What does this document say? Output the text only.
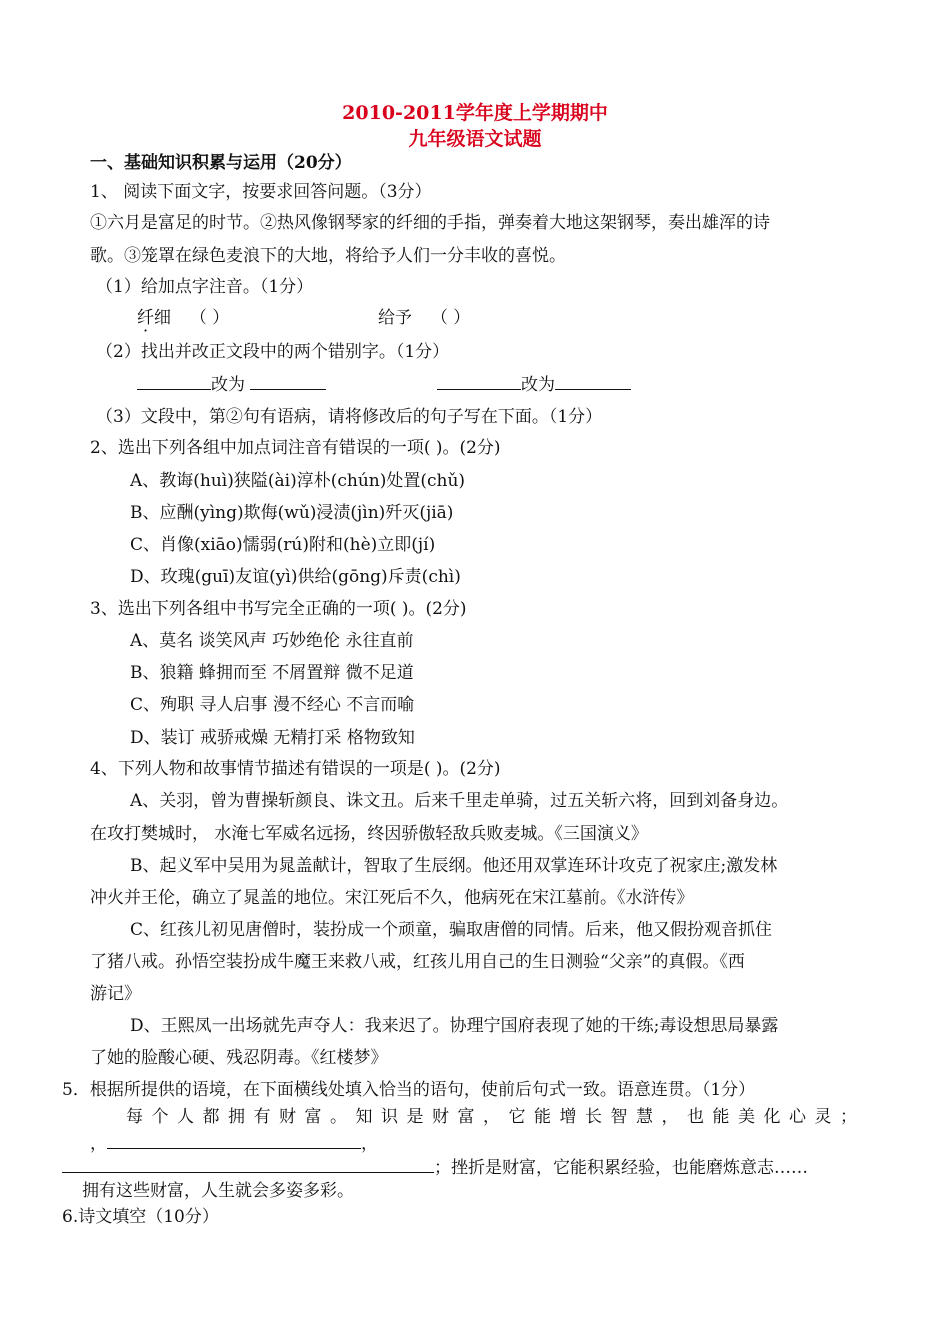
2010-2011学年度上学期期中
九年级语文试题
一、基础知识积累与运用（20分）
1、 阅读下面文字，按要求回答问题。（3分）
①六月是富足的时节。②热风像钢琴家的纤细的手指，弹奏着大地这架钢琴，奏出雄浑的诗
歌。③笼罩在绿色麦浪下的大地，将给予人们一分丰收的喜悦。
（1）给加点字注音。（1分）
纤细 （ ）	给予 （ ）
（2）找出并改正文段中的两个错别字。（1分）
改为	改为
（3）文段中，第②句有语病，请将修改后的句子写在下面。（1分）
2、选出下列各组中加点词注音有错误的一项( )。(2分)
A、教诲(huì)狭隘(ài)淳朴(chún)处置(chǔ)
B、应酬(yìng)欺侮(wǔ)浸渍(jìn)歼灭(jiā)
C、肖像(xiāo)懦弱(rú)附和(hè)立即(jí)
D、玫瑰(guī)友谊(yì)供给(gōng)斥责(chì)
3、选出下列各组中书写完全正确的一项( )。(2分)
A、莫名 谈笑风声 巧妙绝伦 永往直前
B、狼籍 蜂拥而至 不屑置辩 微不足道
C、殉职 寻人启事 漫不经心 不言而喻
D、装订 戒骄戒燥 无精打采 格物致知
4、下列人物和故事情节描述有错误的一项是( )。(2分)
A、关羽，曾为曹操斩颜良、诛文丑。后来千里走单骑，过五关斩六将，回到刘备身边。
在攻打樊城时， 水淹七军威名远扬，终因骄傲轻敌兵败麦城。《三国演义》
B、起义军中吴用为晁盖献计，智取了生辰纲。他还用双掌连环计攻克了祝家庄;激发林
冲火并王伦，确立了晁盖的地位。宋江死后不久，他病死在宋江墓前。《水浒传》
C、红孩儿初见唐僧时，装扮成一个顽童，骗取唐僧的同情。后来，他又假扮观音抓住
了猪八戒。孙悟空装扮成牛魔王来救八戒，红孩儿用自己的生日测验“父亲”的真假。《西
游记》
D、王熙凤一出场就先声夺人：我来迟了。协理宁国府表现了她的干练;毒设想思局暴露
了她的脸酸心硬、残忍阴毒。《红楼梦》
5．根据所提供的语境，在下面横线处填入恰当的语句，使前后句式一致。语意连贯。（1分）
每个人都拥有财富。知识是财富，它能增长智慧，也能美化心灵；
，	，
；挫折是财富，它能积累经验，也能磨炼意志……
拥有这些财富，人生就会多姿多彩。
6.诗文填空（10分）
